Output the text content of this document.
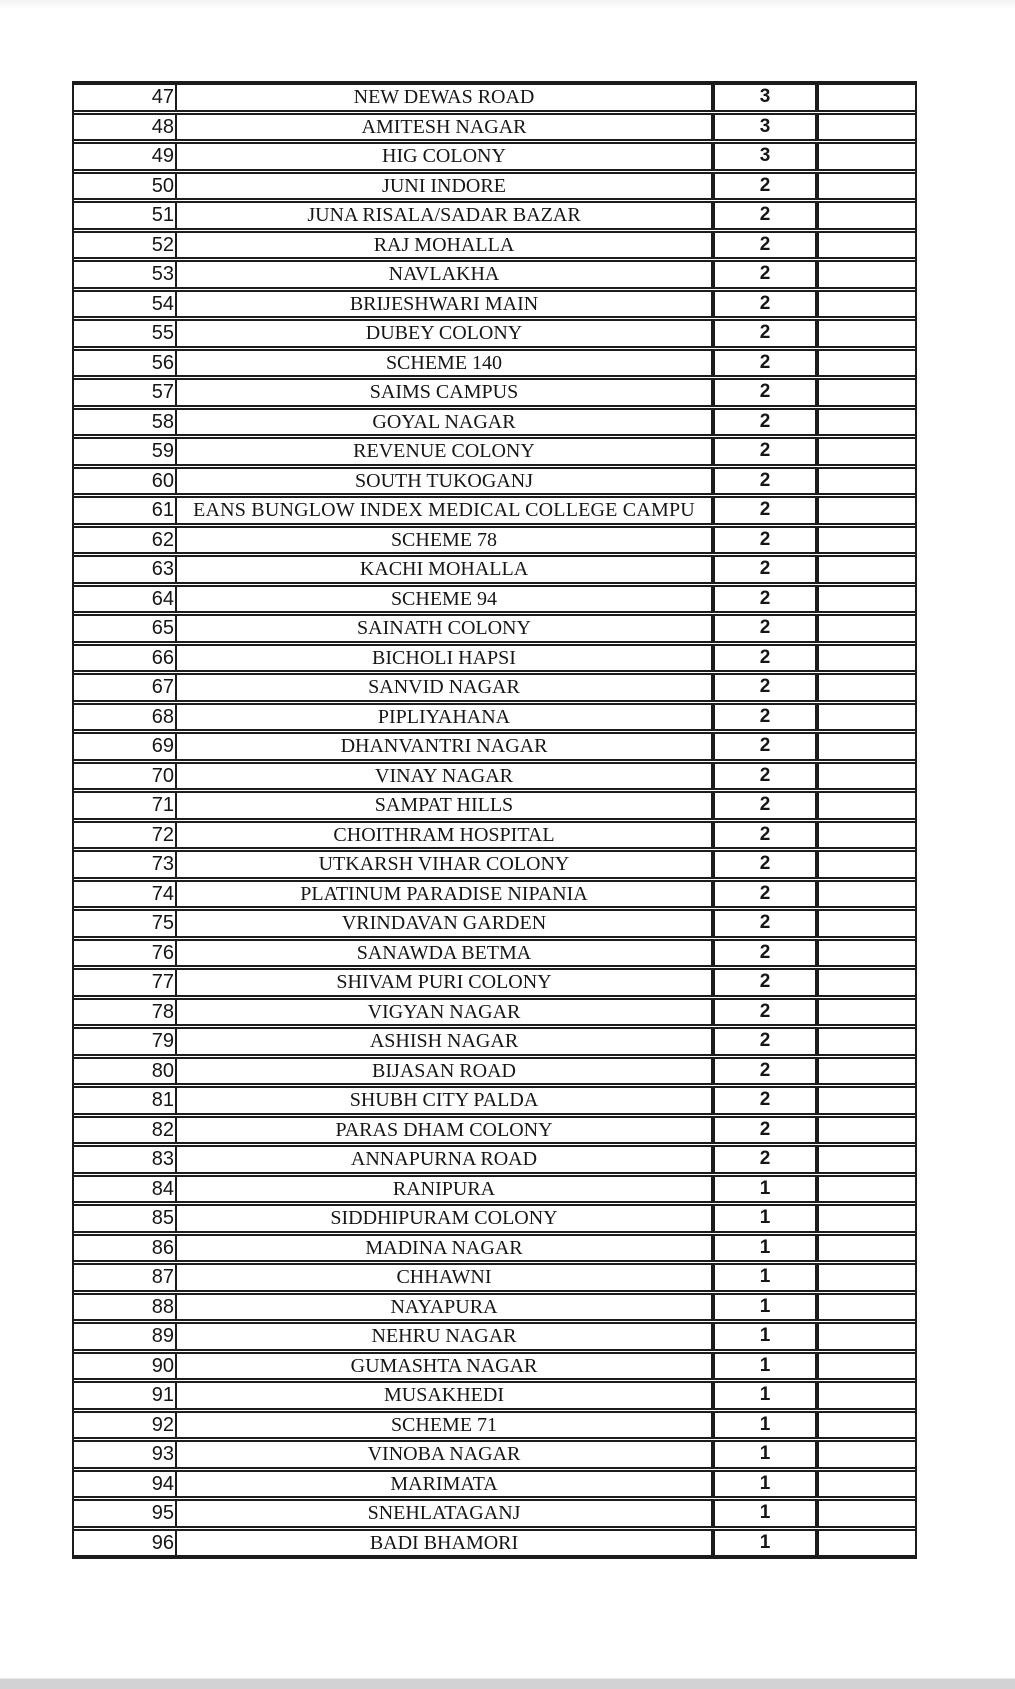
47	NEW DEWAS ROAD	3
48	AMITESH NAGAR	3
49	HIG COLONY	3
50	JUNI INDORE	2
51	JUNA RISALA/SADAR BAZAR	2
52	RAJ MOHALLA	2
53	NAVLAKHA	2
54	BRIJESHWARI MAIN	2
55	DUBEY COLONY	2
56	SCHEME 140	2
57	SAIMS CAMPUS	2
58	GOYAL NAGAR	2
59	REVENUE COLONY	2
60	SOUTH TUKOGANJ	2
61 EANS BUNGLOW INDEX MEDICAL COLLEGE CAMPU	2
62	SCHEME 78	2
63	KACHI MOHALLA	2
64	SCHEME 94	2
65	SAINATH COLONY	2
66	BICHOLI HAPSI	2
67	SANVID NAGAR	2
68	PIPLIYAHANA	2
69	DHANVANTRI NAGAR	2
70	VINAY NAGAR	2
71	SAMPAT HILLS	2
72	CHOITHRAM HOSPITAL	2
73	UTKARSH VIHAR COLONY	2
74	PLATINUM PARADISE NIPANIA	2
75	VRINDAVAN GARDEN	2
76	SANAWDA BETMA	2
77	SHIVAM PURI COLONY	2
78	VIGYAN NAGAR	2
79	ASHISH NAGAR	2
80	BIJASAN ROAD	2
81	SHUBH CITY PALDA	2
82	PARAS DHAM COLONY	2
83	ANNAPURNA ROAD	2
84	RANIPURA	1
85	SIDDHIPURAM COLONY	1
86	MADINA NAGAR	1
87	CHHAWNI	1
88	NAYAPURA	1
89	NEHRU NAGAR	1
90	GUMASHTA NAGAR	1
91	MUSAKHEDI	1
92	SCHEME 71	1
93	VINOBA NAGAR	1
94	MARIMATA	1
95	SNEHLATAGANJ	1
96	BADI BHAMORI	1
